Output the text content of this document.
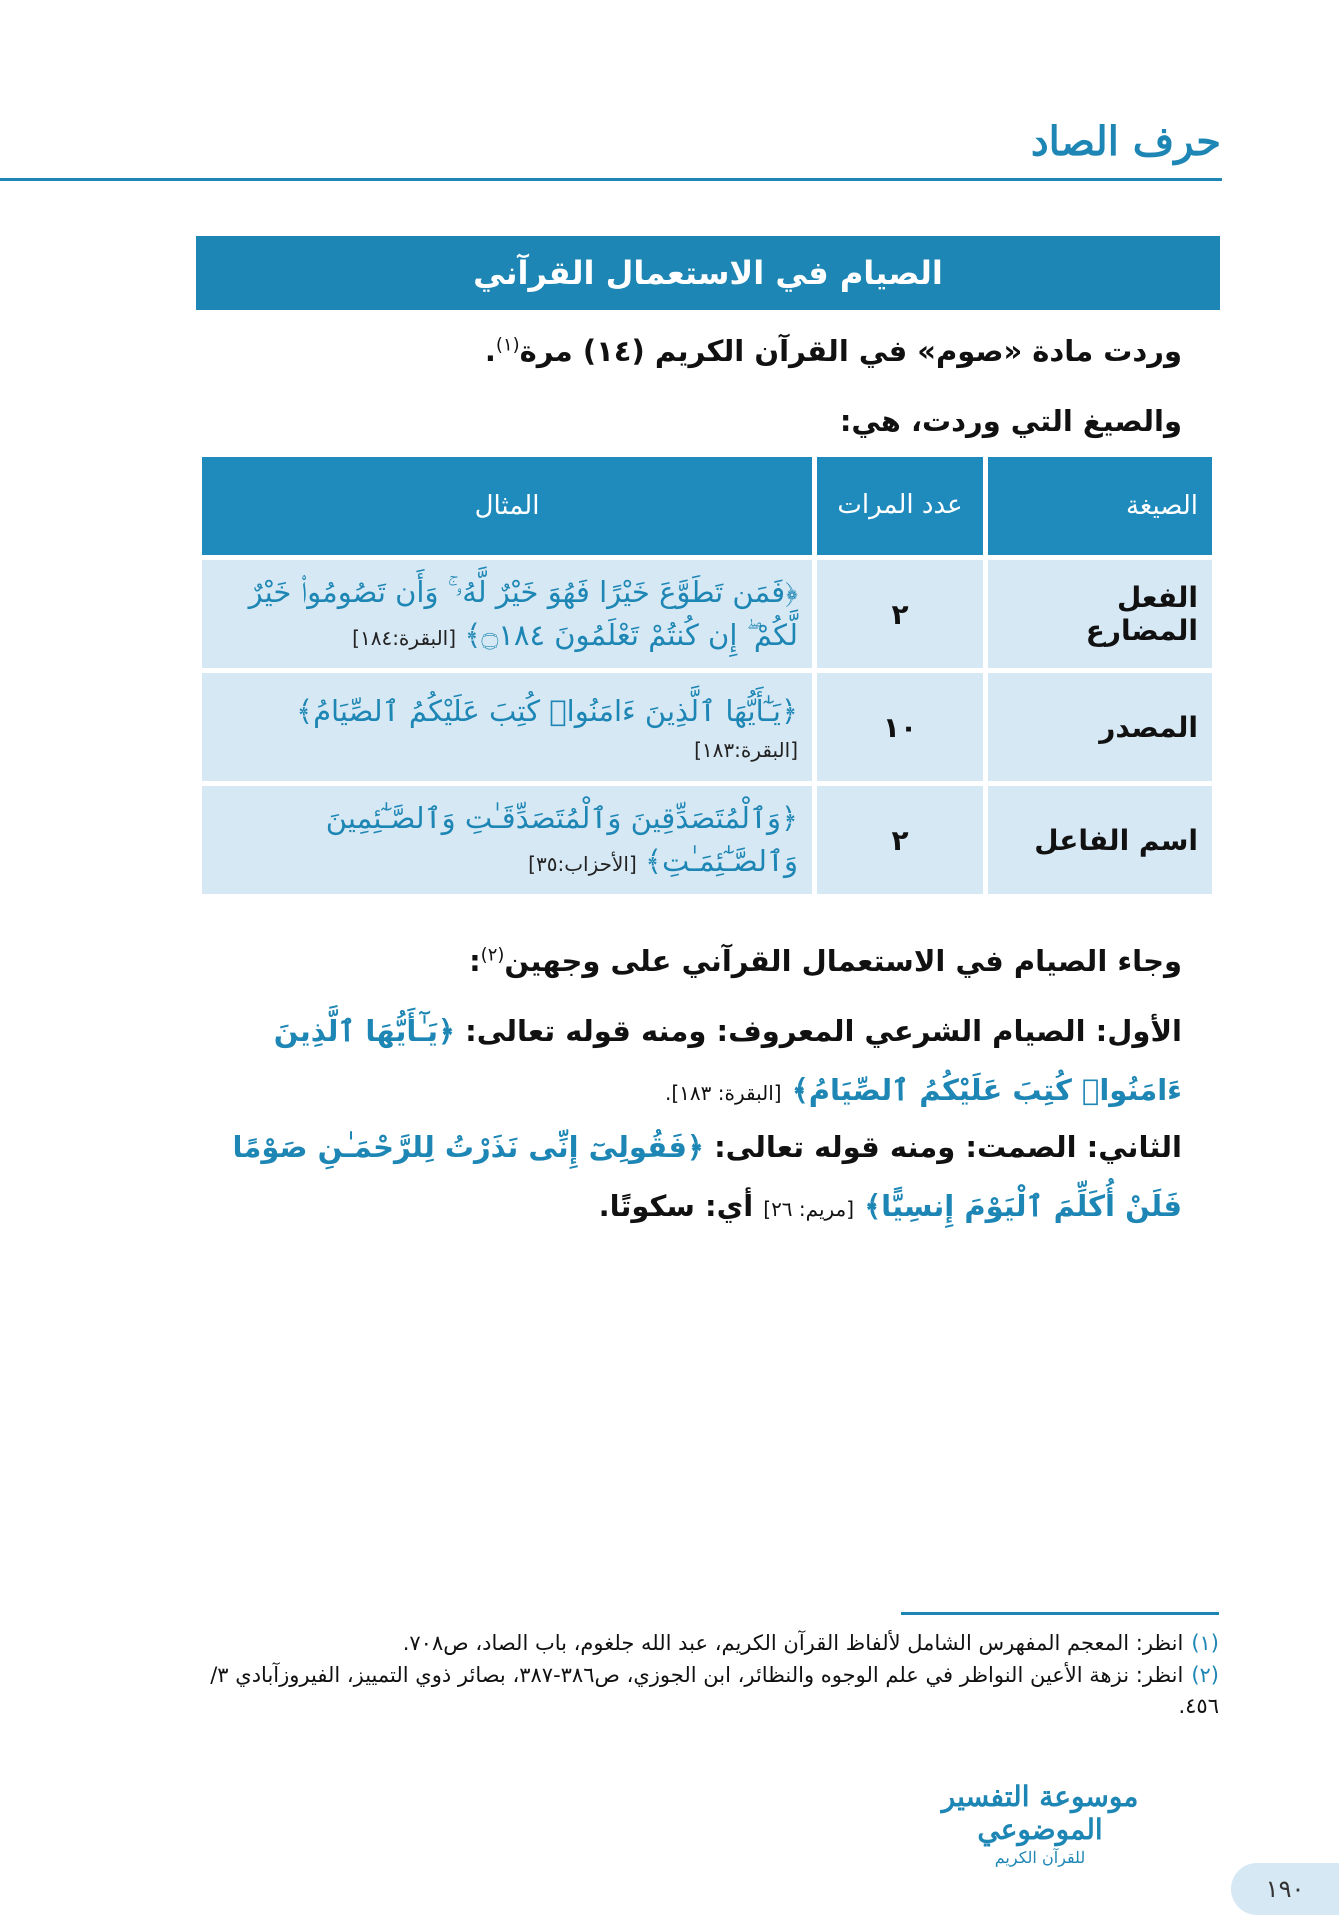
حرف الصاد
الصيام في الاستعمال القرآني

وردت مادة «صوم» في القرآن الكريم (١٤) مرة$^{(١)}$.

والصيغ التي وردت، هي:

الصيغة	عدد المرات	المثال
الفعل المضارع	٢	﴿فَمَن تَطَوَّعَ خَيْرًا فَهُوَ خَيْرٌ لَّهُۥ ۚ وَأَن تَصُومُوا۟ خَيْرٌ لَّكُمْ ۖ إِن كُنتُمْ تَعْلَمُونَ ۝١٨٤﴾ [البقرة:١٨٤]
المصدر	١٠	﴿يَـٰٓأَيُّهَا ٱلَّذِينَ ءَامَنُوا۟ كُتِبَ عَلَيْكُمُ ٱلصِّيَامُ﴾
[البقرة:١٨٣]
اسم الفاعل	٢	﴿وَٱلْمُتَصَدِّقِينَ وَٱلْمُتَصَدِّقَـٰتِ وَٱلصَّـٰٓئِمِينَ وَٱلصَّـٰٓئِمَـٰتِ﴾ [الأحزاب:٣٥]

وجاء الصيام في الاستعمال القرآني على وجهين$^{(٢)}$:

الأول: الصيام الشرعي المعروف: ومنه قوله تعالى: ﴿يَـٰٓأَيُّهَا ٱلَّذِينَ ءَامَنُوا۟ كُتِبَ عَلَيْكُمُ ٱلصِّيَامُ﴾ [البقرة: ١٨٣].

الثاني: الصمت: ومنه قوله تعالى: ﴿فَقُولِىٓ إِنِّى نَذَرْتُ لِلرَّحْمَـٰنِ صَوْمًا فَلَنْ أُكَلِّمَ ٱلْيَوْمَ إِنسِيًّا﴾ [مريم: ٢٦] أي: سكوتًا.

(١)انظر: المعجم المفهرس الشامل لألفاظ القرآن الكريم، عبد الله جلغوم، باب الصاد، ص٧٠٨.
(٢)انظر: نزهة الأعين النواظر في علم الوجوه والنظائر، ابن الجوزي، ص٣٨٦-٣٨٧، بصائر ذوي التمييز، الفيروزآبادي ٣/ ٤٥٦.
موسوعة التفسير الموضوعي
للقرآن الكريم
١٩٠
